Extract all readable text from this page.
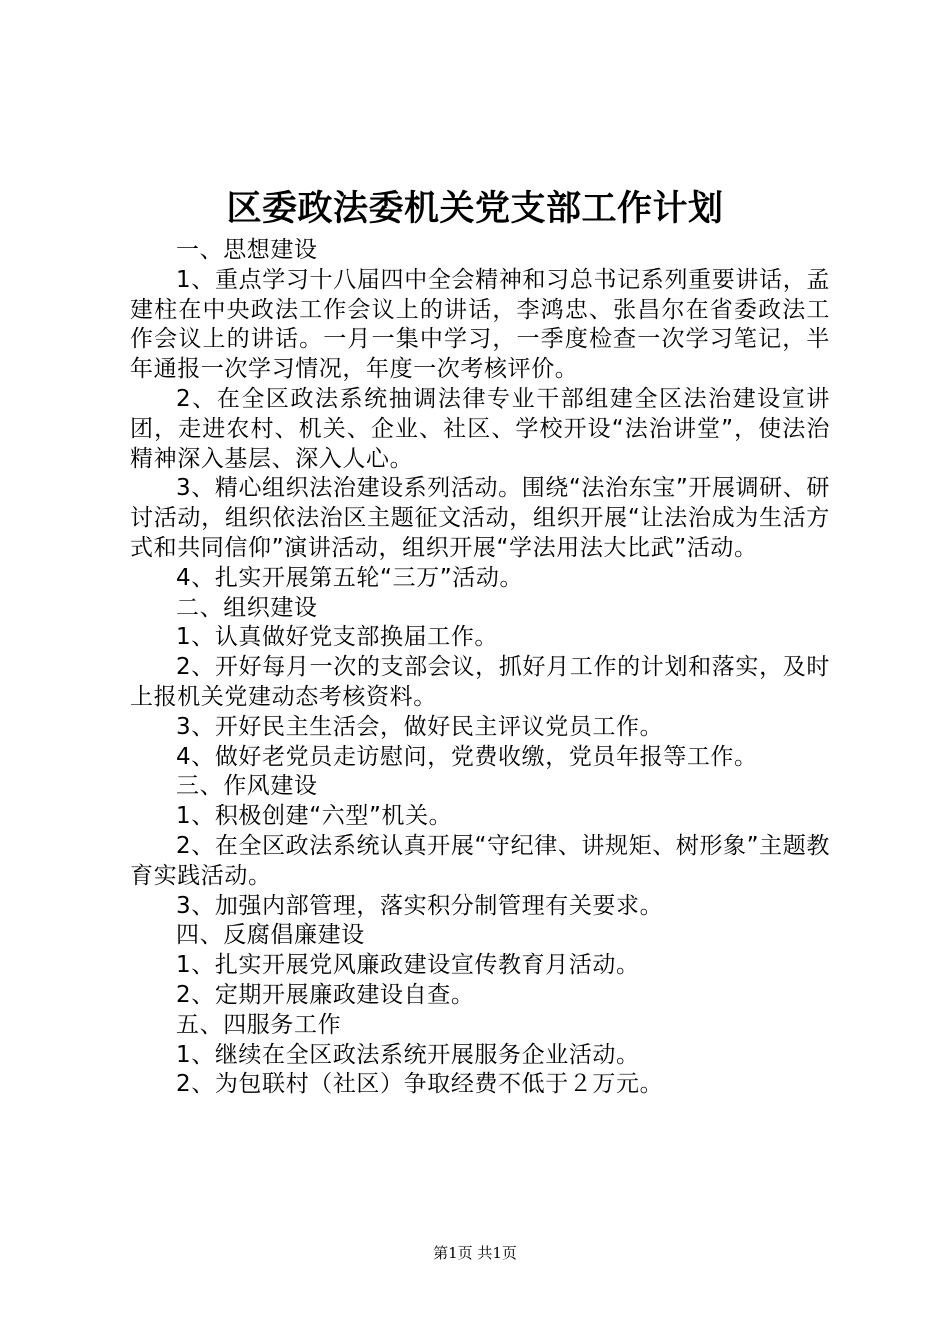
区委政法委机关党支部工作计划

一、思想建设

1、重点学习十八届四中全会精神和习总书记系列重要讲话，孟建柱在中央政法工作会议上的讲话，李鸿忠、张昌尔在省委政法工作会议上的讲话。一月一集中学习，一季度检查一次学习笔记，半年通报一次学习情况，年度一次考核评价。

2、在全区政法系统抽调法律专业干部组建全区法治建设宣讲团，走进农村、机关、企业、社区、学校开设“法治讲堂”，使法治精神深入基层、深入人心。

3、精心组织法治建设系列活动。围绕“法治东宝”开展调研、研讨活动，组织依法治区主题征文活动，组织开展“让法治成为生活方式和共同信仰”演讲活动，组织开展“学法用法大比武”活动。

4、扎实开展第五轮“三万”活动。

二、组织建设

1、认真做好党支部换届工作。

2、开好每月一次的支部会议，抓好月工作的计划和落实，及时上报机关党建动态考核资料。

3、开好民主生活会，做好民主评议党员工作。

4、做好老党员走访慰问，党费收缴，党员年报等工作。

三、作风建设

1、积极创建“六型”机关。

2、在全区政法系统认真开展“守纪律、讲规矩、树形象”主题教育实践活动。

3、加强内部管理，落实积分制管理有关要求。

四、反腐倡廉建设

1、扎实开展党风廉政建设宣传教育月活动。

2、定期开展廉政建设自查。

五、四服务工作

1、继续在全区政法系统开展服务企业活动。

2、为包联村（社区）争取经费不低于２万元。

第1页 共1页
